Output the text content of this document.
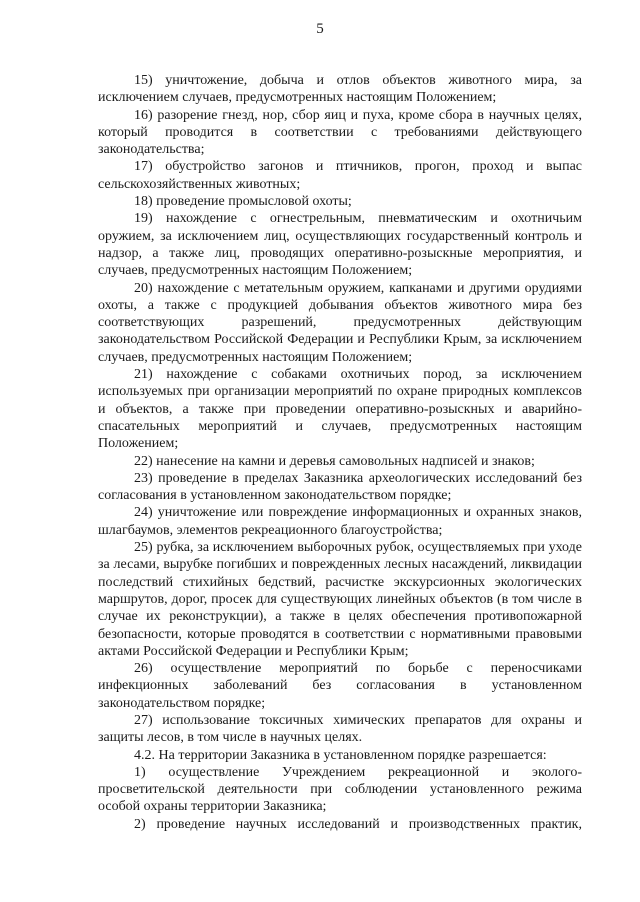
5

15) уничтожение, добыча и отлов объектов животного мира, за исключением случаев, предусмотренных настоящим Положением;

16) разорение гнезд, нор, сбор яиц и пуха, кроме сбора в научных целях, который проводится в соответствии с требованиями действующего законодательства;

17) обустройство загонов и птичников, прогон, проход и выпас сельскохозяйственных животных;

18) проведение промысловой охоты;

19) нахождение с огнестрельным, пневматическим и охотничьим оружием, за исключением лиц, осуществляющих государственный контроль и надзор, а также лиц, проводящих оперативно-розыскные мероприятия, и случаев, предусмотренных настоящим Положением;

20) нахождение с метательным оружием, капканами и другими орудиями охоты, а также с продукцией добывания объектов животного мира без соответствующих разрешений, предусмотренных действующим законодательством Российской Федерации и Республики Крым, за исключением случаев, предусмотренных настоящим Положением;

21) нахождение с собаками охотничьих пород, за исключением используемых при организации мероприятий по охране природных комплексов и объектов, а также при проведении оперативно-розыскных и аварийно-спасательных мероприятий и случаев, предусмотренных настоящим Положением;

22) нанесение на камни и деревья самовольных надписей и знаков;

23) проведение в пределах Заказника археологических исследований без согласования в установленном законодательством порядке;

24) уничтожение или повреждение информационных и охранных знаков, шлагбаумов, элементов рекреационного благоустройства;

25) рубка, за исключением выборочных рубок, осуществляемых при уходе за лесами, вырубке погибших и поврежденных лесных насаждений, ликвидации последствий стихийных бедствий, расчистке экскурсионных экологических маршрутов, дорог, просек для существующих линейных объектов (в том числе в случае их реконструкции), а также в целях обеспечения противопожарной безопасности, которые проводятся в соответствии с нормативными правовыми актами Российской Федерации и Республики Крым;

26) осуществление мероприятий по борьбе с переносчиками инфекционных заболеваний без согласования в установленном законодательством порядке;

27) использование токсичных химических препаратов для охраны и защиты лесов, в том числе в научных целях.

4.2. На территории Заказника в установленном порядке разрешается:

1) осуществление Учреждением рекреационной и эколого-просветительской деятельности при соблюдении установленного режима особой охраны территории Заказника;

2) проведение научных исследований и производственных практик,
